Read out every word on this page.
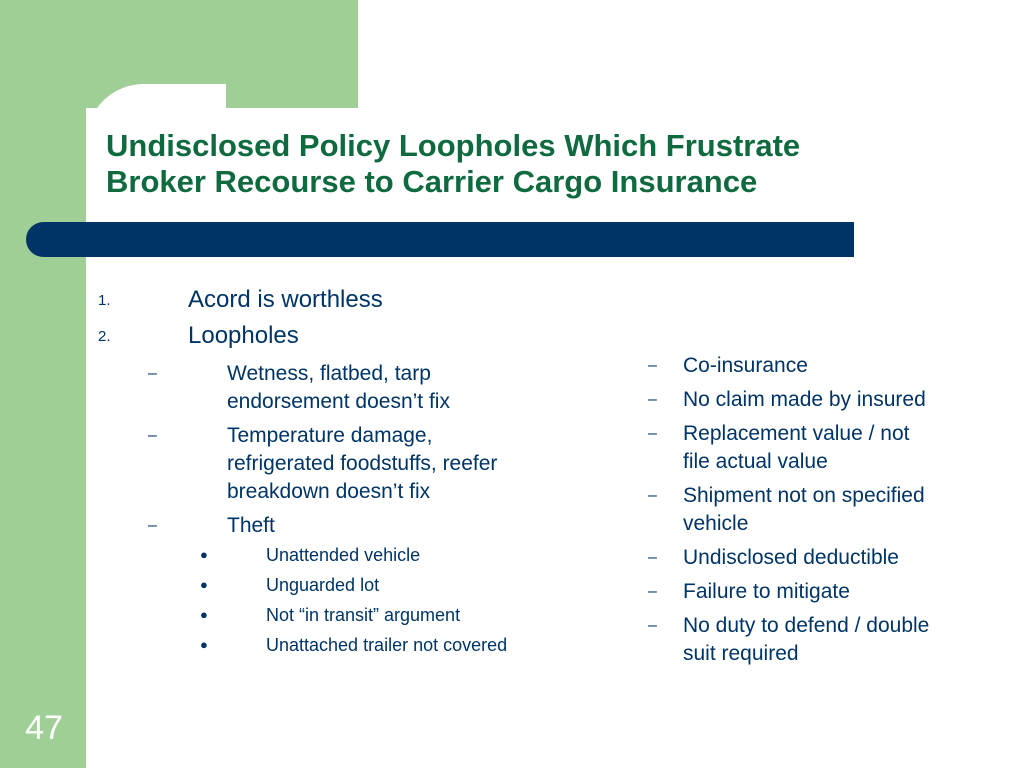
Undisclosed Policy Loopholes Which Frustrate
Broker Recourse to Carrier Cargo Insurance
1.	Acord is worthless
2.	Loopholes
–	Wetness, flatbed, tarp
endorsement doesn’t fix
–	Temperature damage,
refrigerated foodstuffs, reefer
breakdown doesn’t fix
–	Theft
●	Unattended vehicle
●	Unguarded lot
●	Not “in transit” argument
●	Unattached trailer not covered
– Co-insurance
– No claim made by insured
– Replacement value / not
file actual value
– Shipment not on specified
vehicle
– Undisclosed deductible
– Failure to mitigate
– No duty to defend / double
suit required
47
